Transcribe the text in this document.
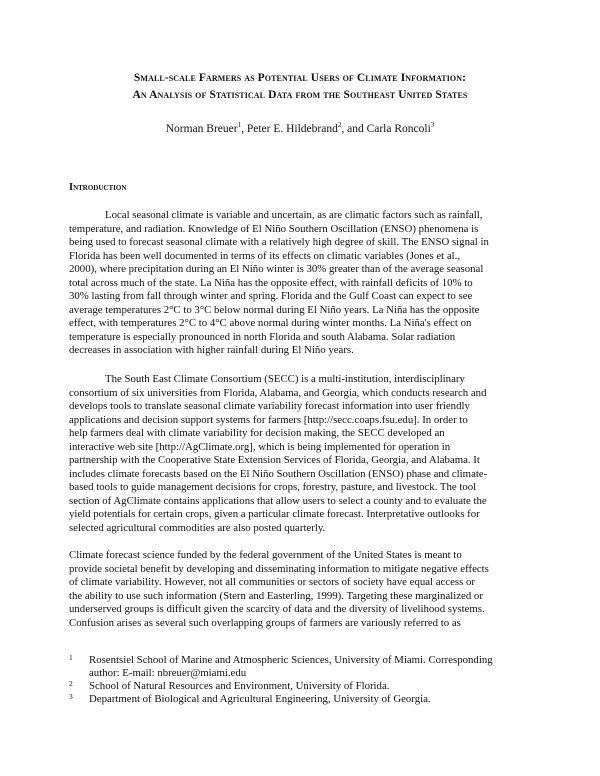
Small-scale Farmers as Potential Users of Climate Information:
An Analysis of Statistical Data from the Southeast United States
Norman Breuer$^1$, Peter E. Hildebrand$^2$, and Carla Roncoli$^3$
Introduction
Local seasonal climate is variable and uncertain, as are climatic factors such as rainfall,
temperature, and radiation. Knowledge of El Niño Southern Oscillation (ENSO) phenomena is
being used to forecast seasonal climate with a relatively high degree of skill. The ENSO signal in
Florida has been well documented in terms of its effects on climatic variables (Jones et al.,
2000), where precipitation during an El Niño winter is 30% greater than of the average seasonal
total across much of the state. La Niña has the opposite effect, with rainfall deficits of 10% to
30% lasting from fall through winter and spring. Florida and the Gulf Coast can expect to see
average temperatures 2°C to 3°C below normal during El Niño years. La Niña has the opposite
effect, with temperatures 2°C to 4°C above normal during winter months. La Niña's effect on
temperature is especially pronounced in north Florida and south Alabama. Solar radiation
decreases in association with higher rainfall during El Niño years.
The South East Climate Consortium (SECC) is a multi-institution, interdisciplinary
consortium of six universities from Florida, Alabama, and Georgia, which conducts research and
develops tools to translate seasonal climate variability forecast information into user friendly
applications and decision support systems for farmers [http://secc.coaps.fsu.edu]. In order to
help farmers deal with climate variability for decision making, the SECC developed an
interactive web site [http://AgClimate.org], which is being implemented for operation in
partnership with the Cooperative State Extension Services of Florida, Georgia, and Alabama. It
includes climate forecasts based on the El Niño Southern Oscillation (ENSO) phase and climate-
based tools to guide management decisions for crops, forestry, pasture, and livestock. The tool
section of AgClimate contains applications that allow users to select a county and to evaluate the
yield potentials for certain crops, given a particular climate forecast. Interpretative outlooks for
selected agricultural commodities are also posted quarterly.
Climate forecast science funded by the federal government of the United States is meant to
provide societal benefit by developing and disseminating information to mitigate negative effects
of climate variability. However, not all communities or sectors of society have equal access or
the ability to use such information (Stern and Easterling, 1999). Targeting these marginalized or
underserved groups is difficult given the scarcity of data and the diversity of livelihood systems.
Confusion arises as several such overlapping groups of farmers are variously referred to as
1 Rosentsiel School of Marine and Atmospheric Sciences, University of Miami. Corresponding
author: E-mail: nbreuer@miami.edu
2 School of Natural Resources and Environment, University of Florida.
3 Department of Biological and Agricultural Engineering, University of Georgia.
